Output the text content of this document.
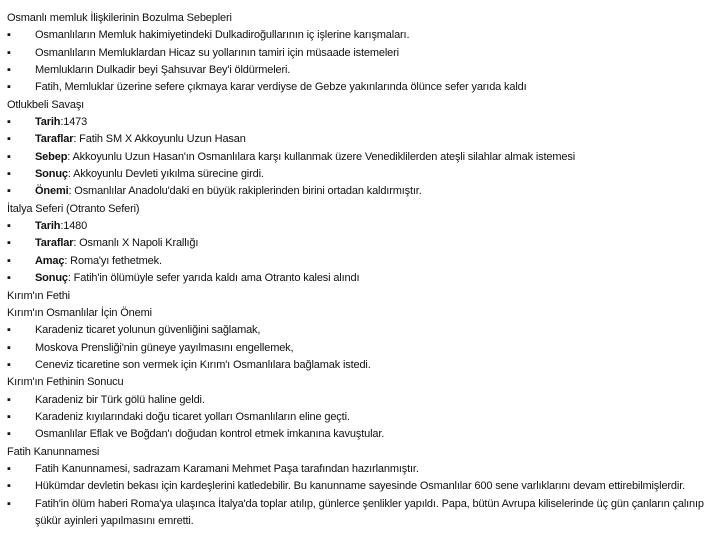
Osmanlı memluk İlişkilerinin Bozulma Sebepleri
▪ Osmanlıların Memluk hakimiyetindeki Dulkadiroğullarının iç işlerine karışmaları.
▪ Osmanlıların Memluklardan Hicaz su yollarının tamiri için müsaade istemeleri
▪ Memlukların Dulkadir beyi Şahsuvar Bey'i öldürmeleri.
▪ Fatih, Memluklar üzerine sefere çıkmaya karar verdiyse de Gebze yakınlarında ölünce sefer yarıda kaldı
Otlukbeli Savaşı
▪ Tarih:1473
▪ Taraflar: Fatih SM X Akkoyunlu Uzun Hasan
▪ Sebep: Akkoyunlu Uzun Hasan'ın Osmanlılara karşı kullanmak üzere Venediklilerden ateşli silahlar almak istemesi
▪ Sonuç: Akkoyunlu Devleti yıkılma sürecine girdi.
▪ Önemi: Osmanlılar Anadolu'daki en büyük rakiplerinden birini ortadan kaldırmıştır.
İtalya Seferi (Otranto Seferi)
▪ Tarih:1480
▪ Taraflar: Osmanlı X Napoli Krallığı
▪ Amaç: Roma'yı fethetmek.
▪ Sonuç: Fatih'in ölümüyle sefer yarıda kaldı ama Otranto kalesi alındı
Kırım'ın Fethi
Kırım'ın Osmanlılar İçin Önemi
▪ Karadeniz ticaret yolunun güvenliğini sağlamak,
▪ Moskova Prensliği'nin güneye yayılmasını engellemek,
▪ Ceneviz ticaretine son vermek için Kırım'ı Osmanlılara bağlamak istedi.
Kırım'ın Fethinin Sonucu
▪ Karadeniz bir Türk gölü haline geldi.
▪ Karadeniz kıyılarındaki doğu ticaret yolları Osmanlıların eline geçti.
▪ Osmanlılar Eflak ve Boğdan'ı doğudan kontrol etmek imkanına kavuştular.
Fatih Kanunnamesi
▪ Fatih Kanunnamesi, sadrazam Karamani Mehmet Paşa tarafından hazırlanmıştır.
▪ Hükümdar devletin bekası için kardeşlerini katledebilir. Bu kanunname sayesinde Osmanlılar 600 sene varlıklarını devam ettirebilmişlerdir.
▪ Fatih'in ölüm haberi Roma'ya ulaşınca İtalya'da toplar atılıp, günlerce şenlikler yapıldı. Papa, bütün Avrupa kiliselerinde üç gün çanların çalınıp şükür ayinleri yapılmasını emretti.
